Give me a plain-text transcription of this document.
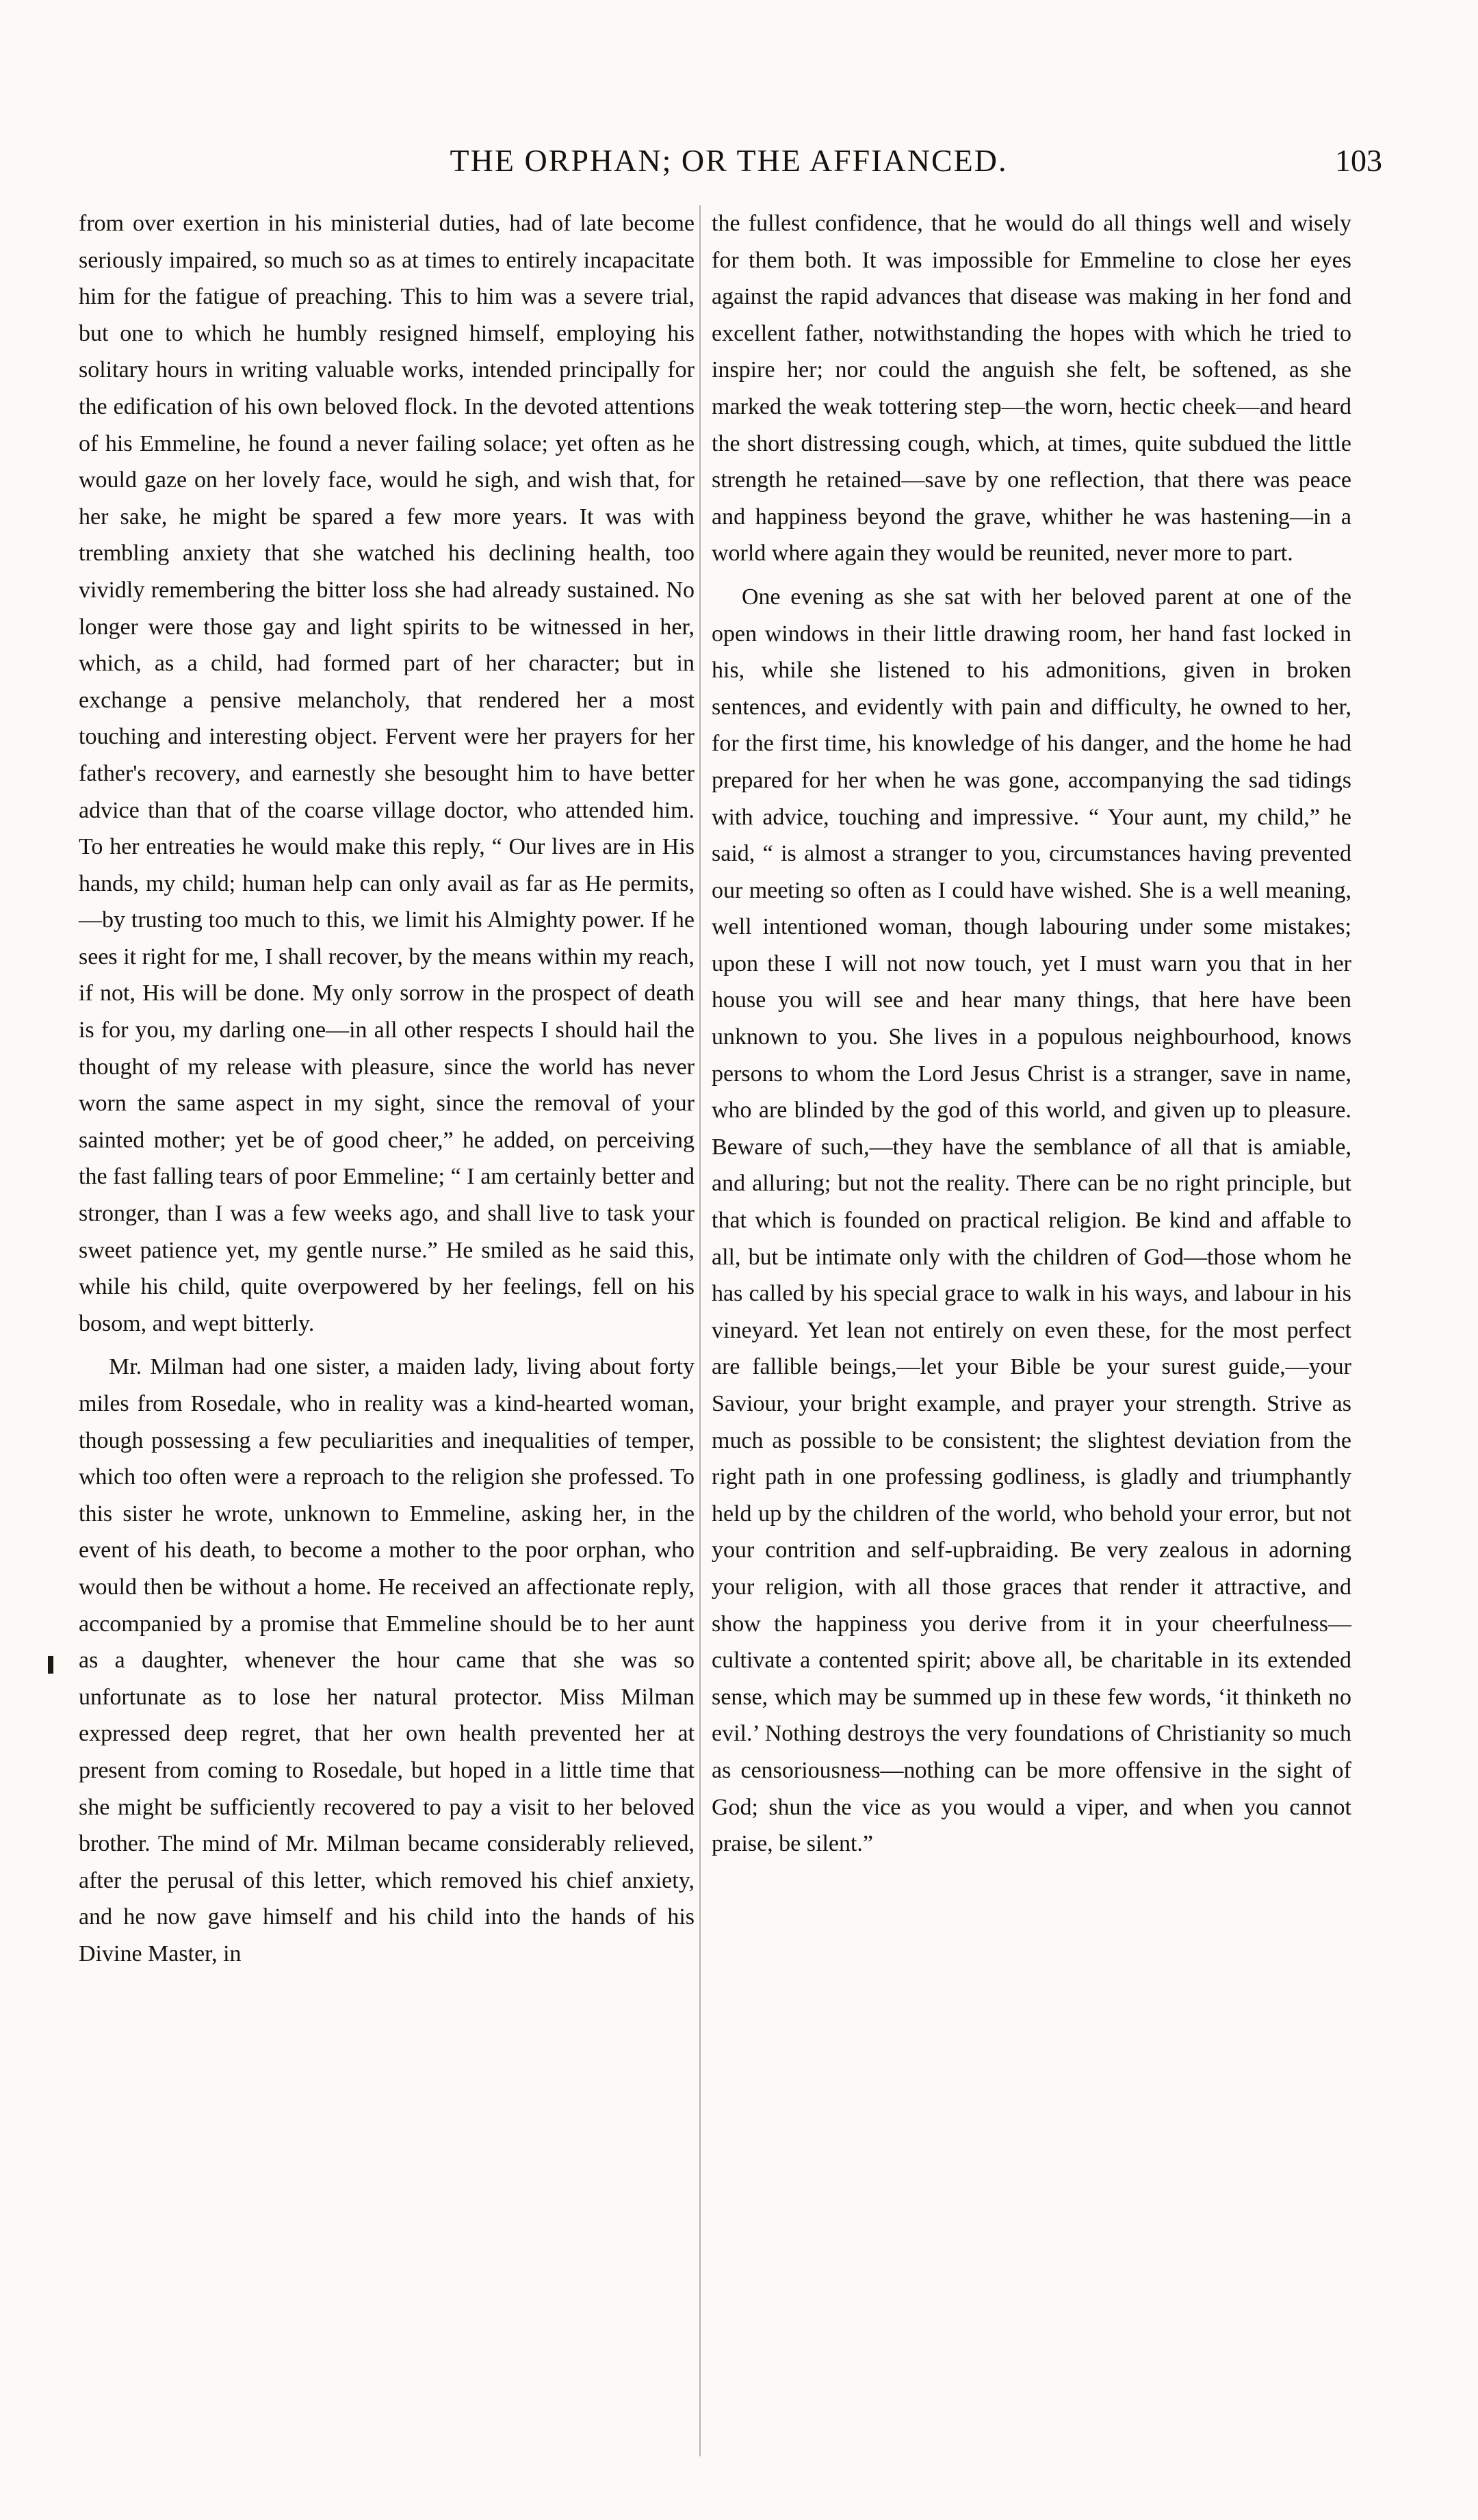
THE ORPHAN; OR THE AFFIANCED.	103

from over exertion in his ministerial duties, had of late become seriously impaired, so much so as at times to entirely incapacitate him for the fatigue of preaching. This to him was a severe trial, but one to which he humbly resigned himself, employing his solitary hours in writing valuable works, intended principally for the edification of his own beloved flock. In the devoted attentions of his Emmeline, he found a never failing solace; yet often as he would gaze on her lovely face, would he sigh, and wish that, for her sake, he might be spared a few more years. It was with trembling anxiety that she watched his declining health, too vividly remembering the bitter loss she had already sustained. No longer were those gay and light spirits to be witnessed in her, which, as a child, had formed part of her character; but in exchange a pensive melancholy, that rendered her a most touching and interesting object. Fervent were her prayers for her father's recovery, and earnestly she besought him to have better advice than that of the coarse village doctor, who attended him. To her entreaties he would make this reply, “ Our lives are in His hands, my child; human help can only avail as far as He permits,—by trusting too much to this, we limit his Almighty power. If he sees it right for me, I shall recover, by the means within my reach, if not, His will be done. My only sorrow in the prospect of death is for you, my darling one—in all other respects I should hail the thought of my release with pleasure, since the world has never worn the same aspect in my sight, since the removal of your sainted mother; yet be of good cheer,” he added, on perceiving the fast falling tears of poor Emmeline; “ I am certainly better and stronger, than I was a few weeks ago, and shall live to task your sweet patience yet, my gentle nurse.” He smiled as he said this, while his child, quite overpowered by her feelings, fell on his bosom, and wept bitterly.

Mr. Milman had one sister, a maiden lady, living about forty miles from Rosedale, who in reality was a kind-hearted woman, though possessing a few peculiarities and inequalities of temper, which too often were a reproach to the religion she professed. To this sister he wrote, unknown to Emmeline, asking her, in the event of his death, to become a mother to the poor orphan, who would then be without a home. He received an affectionate reply, accompanied by a promise that Emmeline should be to her aunt as a daughter, whenever the hour came that she was so unfortunate as to lose her natural protector. Miss Milman expressed deep regret, that her own health prevented her at present from coming to Rosedale, but hoped in a little time that she might be sufficiently recovered to pay a visit to her beloved brother. The mind of Mr. Milman became considerably relieved, after the perusal of this letter, which removed his chief anxiety, and he now gave himself and his child into the hands of his Divine Master, in

the fullest confidence, that he would do all things well and wisely for them both. It was impossible for Emmeline to close her eyes against the rapid advances that disease was making in her fond and excellent father, notwithstanding the hopes with which he tried to inspire her; nor could the anguish she felt, be softened, as she marked the weak tottering step—the worn, hectic cheek—and heard the short distressing cough, which, at times, quite subdued the little strength he retained—save by one reflection, that there was peace and happiness beyond the grave, whither he was hastening—in a world where again they would be reunited, never more to part.

One evening as she sat with her beloved parent at one of the open windows in their little drawing room, her hand fast locked in his, while she listened to his admonitions, given in broken sentences, and evidently with pain and difficulty, he owned to her, for the first time, his knowledge of his danger, and the home he had prepared for her when he was gone, accompanying the sad tidings with advice, touching and impressive. “ Your aunt, my child,” he said, “ is almost a stranger to you, circumstances having prevented our meeting so often as I could have wished. She is a well meaning, well intentioned woman, though labouring under some mistakes; upon these I will not now touch, yet I must warn you that in her house you will see and hear many things, that here have been unknown to you. She lives in a populous neighbourhood, knows persons to whom the Lord Jesus Christ is a stranger, save in name, who are blinded by the god of this world, and given up to pleasure. Beware of such,—they have the semblance of all that is amiable, and alluring; but not the reality. There can be no right principle, but that which is founded on practical religion. Be kind and affable to all, but be intimate only with the children of God—those whom he has called by his special grace to walk in his ways, and labour in his vineyard. Yet lean not entirely on even these, for the most perfect are fallible beings,—let your Bible be your surest guide,—your Saviour, your bright example, and prayer your strength. Strive as much as possible to be consistent; the slightest deviation from the right path in one professing godliness, is gladly and triumphantly held up by the children of the world, who behold your error, but not your contrition and self-upbraiding. Be very zealous in adorning your religion, with all those graces that render it attractive, and show the happiness you derive from it in your cheerfulness—cultivate a contented spirit; above all, be charitable in its extended sense, which may be summed up in these few words, ‘it thinketh no evil.’ Nothing destroys the very foundations of Christianity so much as censoriousness—nothing can be more offensive in the sight of God; shun the vice as you would a viper, and when you cannot praise, be silent.”
